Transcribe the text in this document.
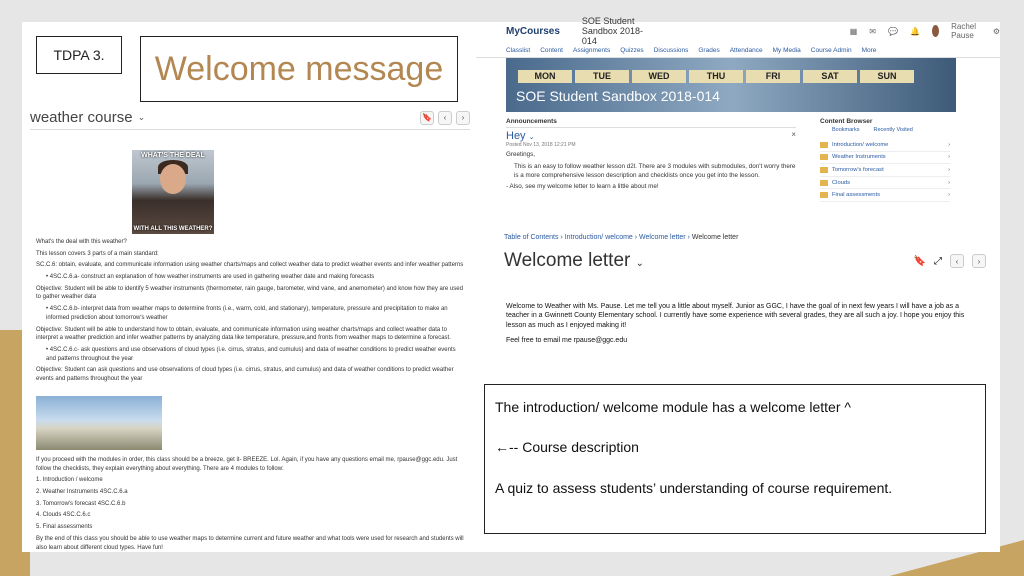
TDPA 3.	Welcome message
weather course ⌄	🔖	‹	›
WHAT'S THE DEAL
WITH ALL THIS WEATHER?

What's the deal with this weather?

This lesson covers 3 parts of a main standard:

SC.C.6: obtain, evaluate, and communicate information using weather charts/maps and collect weather data to predict weather events and infer weather patterns

• 4SC.C.6.a- construct an explanation of how weather instruments are used in gathering weather date and making forecasts

Objective: Student will be able to identify 5 weather instruments (thermometer, rain gauge, barometer, wind vane, and anemometer) and know how they are used to gather weather data

• 4SC.C.6.b- interpret data from weather maps to determine fronts (i.e., warm, cold, and stationary), temperature, pressure and precipitation to make an informed prediction about tomorrow's weather

Objective: Student will be able to understand how to obtain, evaluate, and communicate information using weather charts/maps and collect weather data to interpret a weather prediction and infer weather patterns by analyzing data like temperature, pressure,and fronts from weather maps to determine a forecast.

• 4SC.C.6.c- ask questions and use observations of cloud types (i.e. cirrus, stratus, and cumulus) and data of weather conditions to predict weather events and patterns throughout the year

Objective: Student can ask questions and use observations of cloud types (i.e. cirrus, stratus, and cumulus) and data of weather conditions to predict weather events and patterns throughout the year

If you proceed with the modules in order, this class should be a breeze, get it- BREEZE. Lol. Again, if you have any questions email me, rpause@ggc.edu. Just follow the checklists, they explain everything about everything. There are 4 modules to follow:

1. Introduction / welcome

2. Weather Instruments 4SC.C.6.a

3. Tomorrow's forecast 4SC.C.6.b

4. Clouds 4SC.C.6.c

5. Final assessments

By the end of this class you should be able to use weather maps to determine current and future weather and what tools were used for research and students will also learn about different cloud types. Have fun!

MyCourses
SOE Student Sandbox 2018-014
▦ ✉ 💬 🔔	Rachel Pause	⚙
Classlist Content Assignments Quizzes Discussions Grades Attendance My Media Course Admin More
MON	TUE	WED	THU	FRI	SAT	SUN
SOE Student Sandbox 2018-014
Announcements
Hey ⌄	×
Posted Nov 13, 2018 12:21 PM
Greetings,
This is an easy to follow weather lesson d2l. There are 3 modules with submodules, don't worry there is a more comprehensive lesson description and checklists once you get into the lesson.
- Also, see my welcome letter to learn a little about me!
Content Browser
Bookmarks	Recently Visited
Introduction/ welcome	›
Weather Instruments	›
Tomorrow's forecast	›
Clouds	›
Final assessments	›
Table of Contents › Introduction/ welcome › Welcome letter › Welcome letter
Welcome letter ⌄	🔖 ⤢	‹	›
Welcome to Weather with Ms. Pause. Let me tell you a little about myself. Junior as GGC, I have the goal of in next few years I will have a job as a teacher in a Gwinnett County Elementary school. I currently have some experience with several grades, they are all such a joy. I hope you enjoy this lesson as much as I enjoyed making it!
Feel free to email me rpause@ggc.edu

The introduction/ welcome module has a welcome letter ^

←-- Course description

A quiz to assess students’ understanding of course requirement.
